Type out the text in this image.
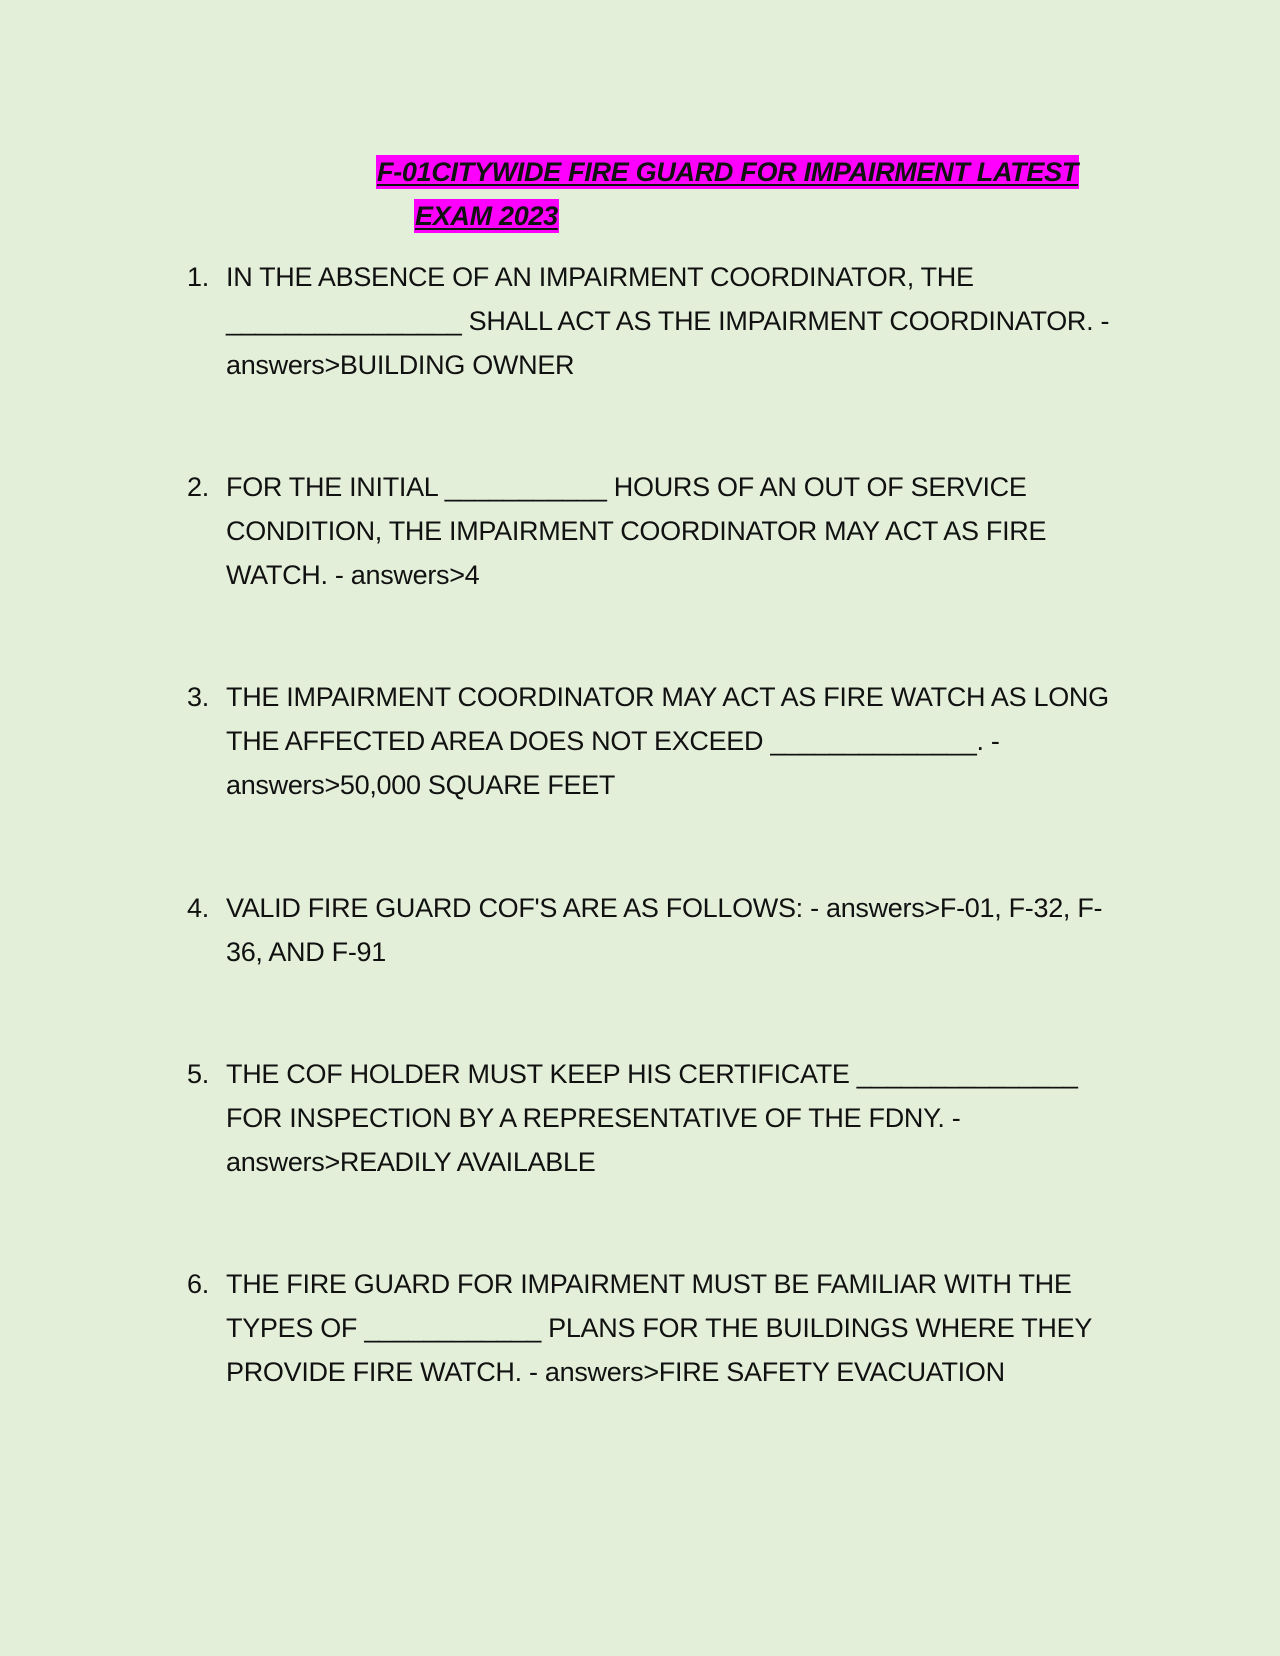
F-01CITYWIDE FIRE GUARD FOR IMPAIRMENT LATEST
EXAM 2023
1. IN THE ABSENCE OF AN IMPAIRMENT COORDINATOR, THE ________________ SHALL ACT AS THE IMPAIRMENT COORDINATOR. - answers>BUILDING OWNER
2. FOR THE INITIAL ___________ HOURS OF AN OUT OF SERVICE CONDITION, THE IMPAIRMENT COORDINATOR MAY ACT AS FIRE WATCH. - answers>4
3. THE IMPAIRMENT COORDINATOR MAY ACT AS FIRE WATCH AS LONG THE AFFECTED AREA DOES NOT EXCEED ______________. - answers>50,000 SQUARE FEET
4. VALID FIRE GUARD COF'S ARE AS FOLLOWS: - answers>F-01, F-32, F-36, AND F-91
5. THE COF HOLDER MUST KEEP HIS CERTIFICATE _______________ FOR INSPECTION BY A REPRESENTATIVE OF THE FDNY. - answers>READILY AVAILABLE
6. THE FIRE GUARD FOR IMPAIRMENT MUST BE FAMILIAR WITH THE TYPES OF ____________ PLANS FOR THE BUILDINGS WHERE THEY PROVIDE FIRE WATCH. - answers>FIRE SAFETY EVACUATION
